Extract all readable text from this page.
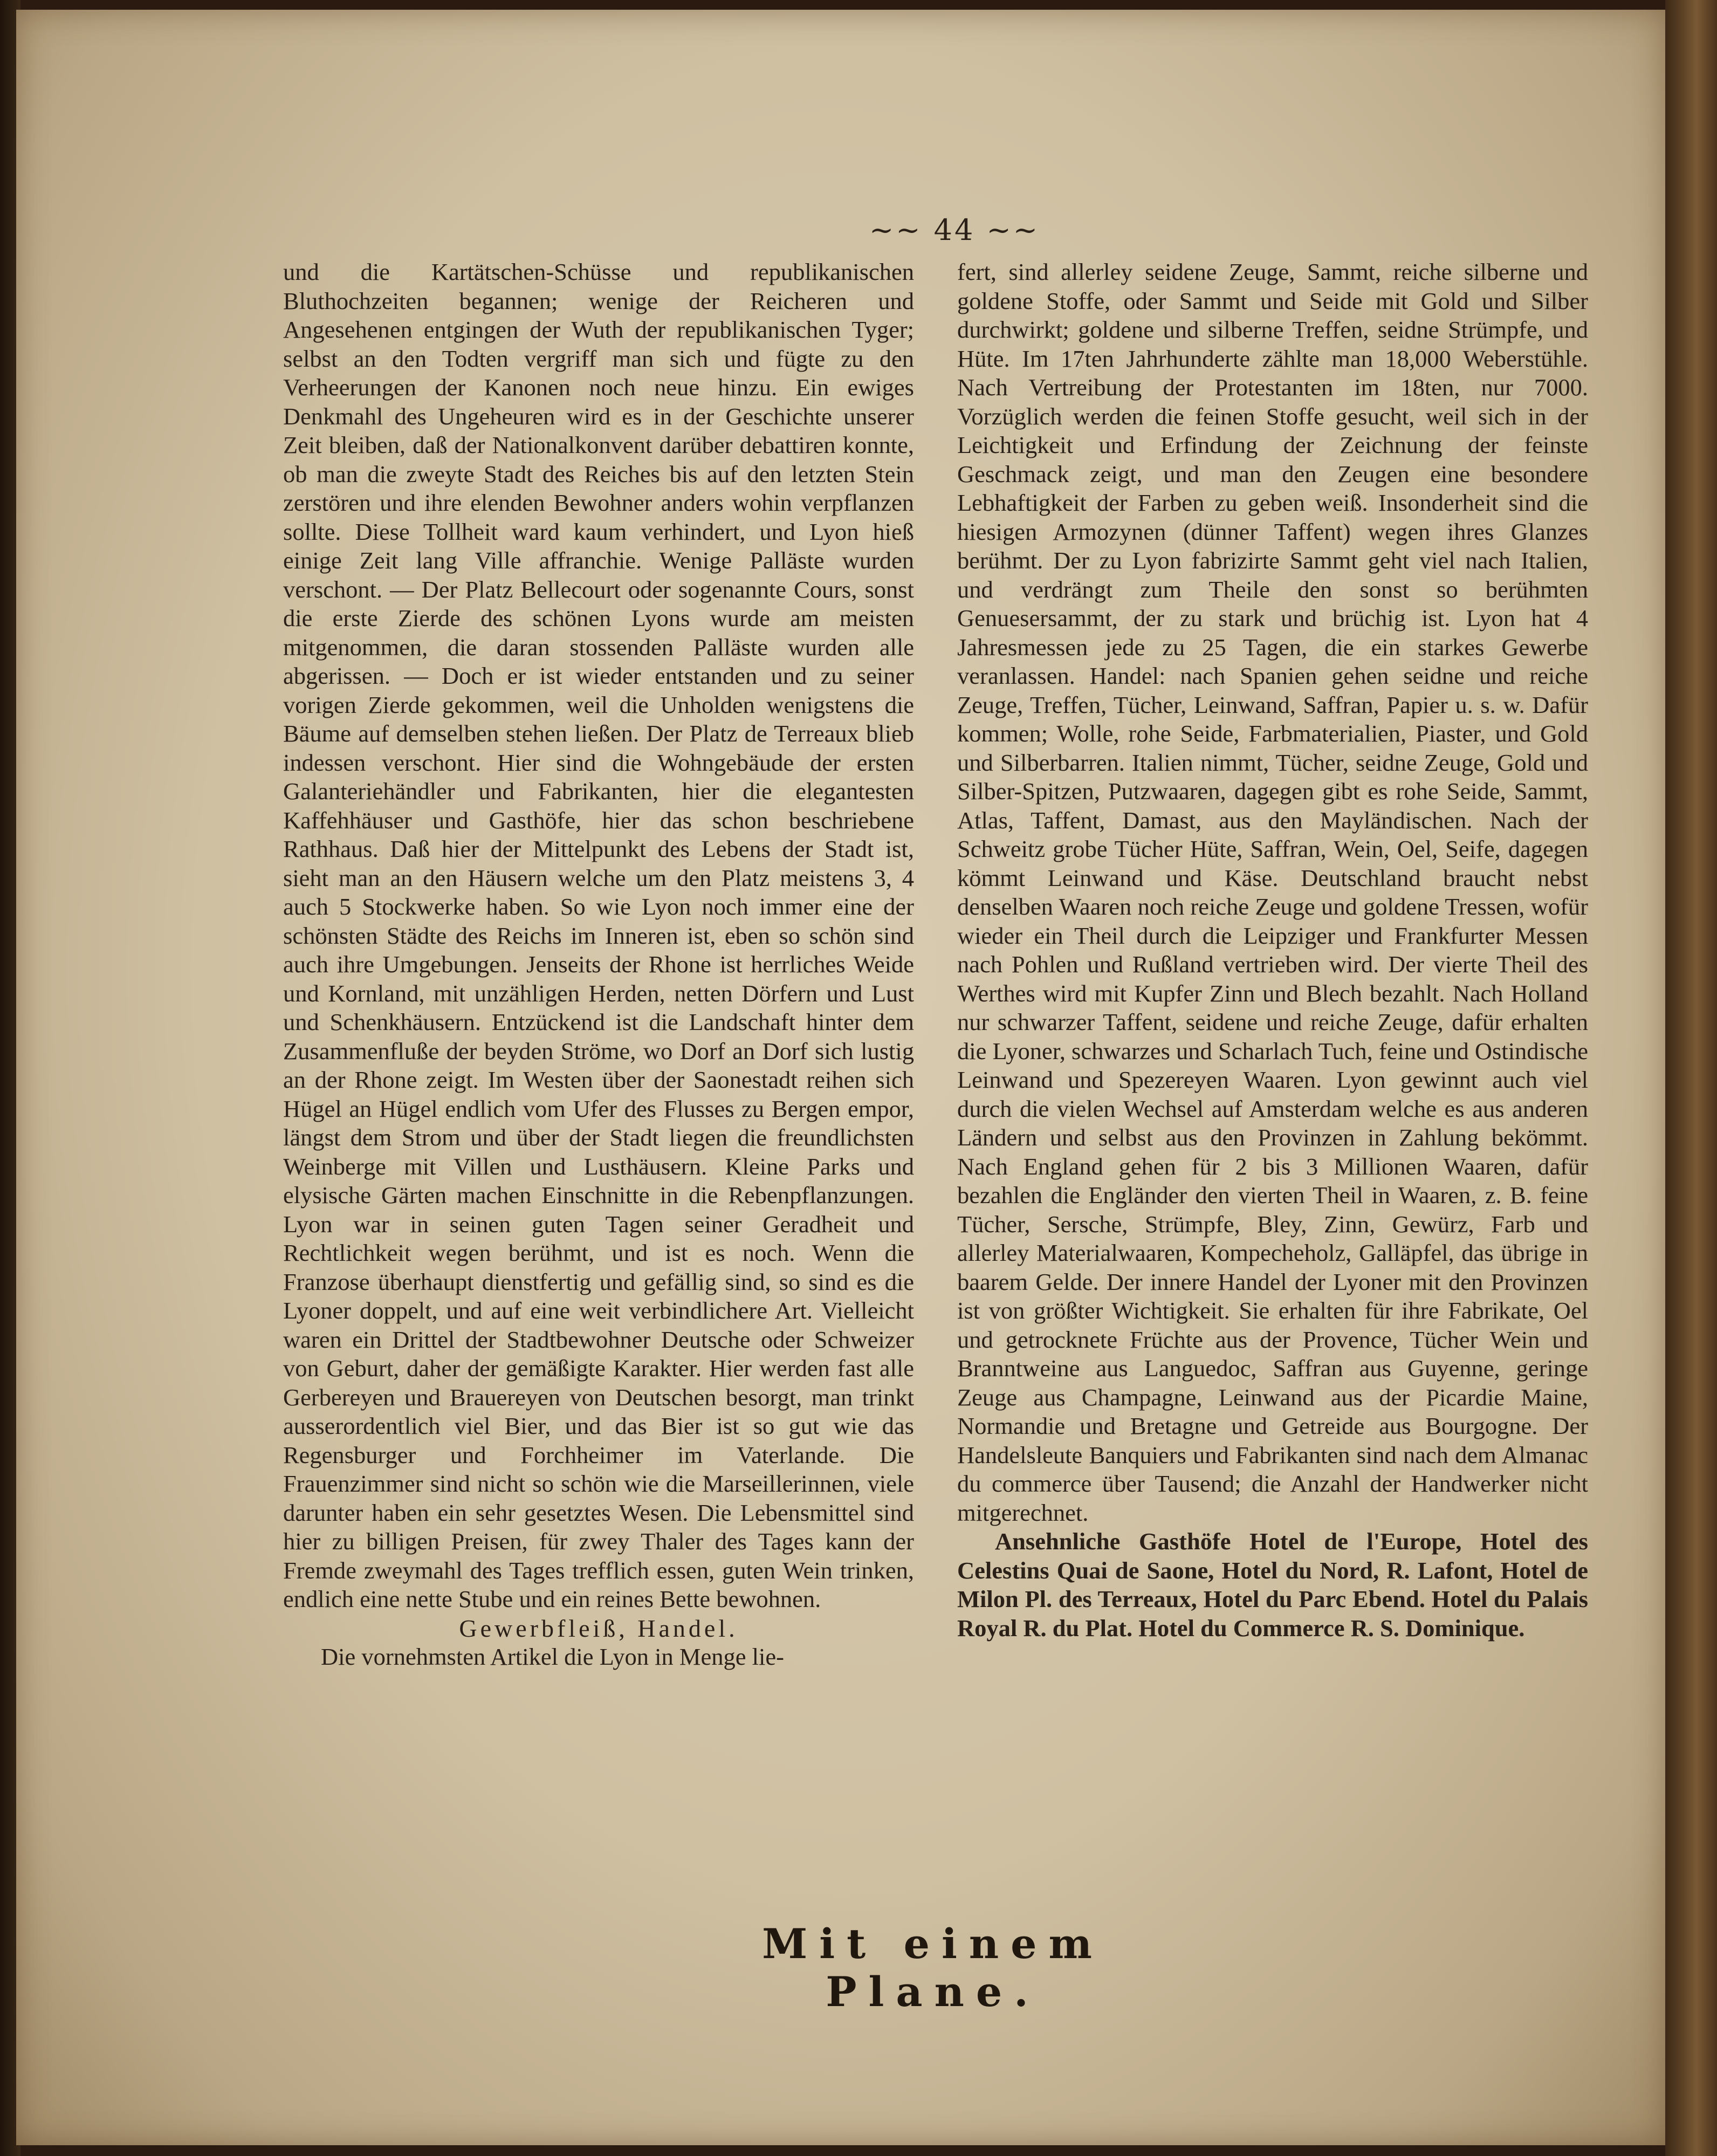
~~ 44 ~~

und die Kartätschen-Schüsse und republikanischen Bluthochzeiten begannen; wenige der Reicheren und Angesehenen entgingen der Wuth der republikanischen Tyger; selbst an den Todten vergriff man sich und fügte zu den Verheerungen der Kanonen noch neue hinzu. Ein ewiges Denkmahl des Ungeheuren wird es in der Geschichte unserer Zeit bleiben, daß der Nationalkonvent darüber debattiren konnte, ob man die zweyte Stadt des Reiches bis auf den letzten Stein zerstören und ihre elenden Bewohner anders wohin verpflanzen sollte. Diese Tollheit ward kaum verhindert, und Lyon hieß einige Zeit lang Ville affranchie. Wenige Palläste wurden verschont. — Der Platz Bellecourt oder sogenannte Cours, sonst die erste Zierde des schönen Lyons wurde am meisten mitgenommen, die daran stossenden Palläste wurden alle abgerissen. — Doch er ist wieder entstanden und zu seiner vorigen Zierde gekommen, weil die Unholden wenigstens die Bäume auf demselben stehen ließen. Der Platz de Terreaux blieb indessen verschont. Hier sind die Wohngebäude der ersten Galanteriehändler und Fabrikanten, hier die elegantesten Kaffehhäuser und Gasthöfe, hier das schon beschriebene Rathhaus. Daß hier der Mittelpunkt des Lebens der Stadt ist, sieht man an den Häusern welche um den Platz meistens 3, 4 auch 5 Stockwerke haben. So wie Lyon noch immer eine der schönsten Städte des Reichs im Inneren ist, eben so schön sind auch ihre Umgebungen. Jenseits der Rhone ist herrliches Weide und Kornland, mit unzähligen Herden, netten Dörfern und Lust und Schenkhäusern. Entzückend ist die Landschaft hinter dem Zusammenfluße der beyden Ströme, wo Dorf an Dorf sich lustig an der Rhone zeigt. Im Westen über der Saonestadt reihen sich Hügel an Hügel endlich vom Ufer des Flusses zu Bergen empor, längst dem Strom und über der Stadt liegen die freundlichsten Weinberge mit Villen und Lusthäusern. Kleine Parks und elysische Gärten machen Einschnitte in die Rebenpflanzungen. Lyon war in seinen guten Tagen seiner Geradheit und Rechtlichkeit wegen berühmt, und ist es noch. Wenn die Franzose überhaupt dienstfertig und gefällig sind, so sind es die Lyoner doppelt, und auf eine weit verbindlichere Art. Vielleicht waren ein Drittel der Stadtbewohner Deutsche oder Schweizer von Geburt, daher der gemäßigte Karakter. Hier werden fast alle Gerbereyen und Brauereyen von Deutschen besorgt, man trinkt ausserordentlich viel Bier, und das Bier ist so gut wie das Regensburger und Forchheimer im Vaterlande. Die Frauenzimmer sind nicht so schön wie die Marseillerinnen, viele darunter haben ein sehr gesetztes Wesen. Die Lebensmittel sind hier zu billigen Preisen, für zwey Thaler des Tages kann der Fremde zweymahl des Tages trefflich essen, guten Wein trinken, endlich eine nette Stube und ein reines Bette bewohnen.

Gewerbfleiß, Handel.

Die vornehmsten Artikel die Lyon in Menge lie-

fert, sind allerley seidene Zeuge, Sammt, reiche silberne und goldene Stoffe, oder Sammt und Seide mit Gold und Silber durchwirkt; goldene und silberne Treffen, seidne Strümpfe, und Hüte. Im 17ten Jahrhunderte zählte man 18,000 Weberstühle. Nach Vertreibung der Protestanten im 18ten, nur 7000. Vorzüglich werden die feinen Stoffe gesucht, weil sich in der Leichtigkeit und Erfindung der Zeichnung der feinste Geschmack zeigt, und man den Zeugen eine besondere Lebhaftigkeit der Farben zu geben weiß. Insonderheit sind die hiesigen Armozynen (dünner Taffent) wegen ihres Glanzes berühmt. Der zu Lyon fabrizirte Sammt geht viel nach Italien, und verdrängt zum Theile den sonst so berühmten Genuesersammt, der zu stark und brüchig ist. Lyon hat 4 Jahresmessen jede zu 25 Tagen, die ein starkes Gewerbe veranlassen. Handel: nach Spanien gehen seidne und reiche Zeuge, Treffen, Tücher, Leinwand, Saffran, Papier u. s. w. Dafür kommen; Wolle, rohe Seide, Farbmaterialien, Piaster, und Gold und Silberbarren. Italien nimmt, Tücher, seidne Zeuge, Gold und Silber-Spitzen, Putzwaaren, dagegen gibt es rohe Seide, Sammt, Atlas, Taffent, Damast, aus den Mayländischen. Nach der Schweitz grobe Tücher Hüte, Saffran, Wein, Oel, Seife, dagegen kömmt Leinwand und Käse. Deutschland braucht nebst denselben Waaren noch reiche Zeuge und goldene Tressen, wofür wieder ein Theil durch die Leipziger und Frankfurter Messen nach Pohlen und Rußland vertrieben wird. Der vierte Theil des Werthes wird mit Kupfer Zinn und Blech bezahlt. Nach Holland nur schwarzer Taffent, seidene und reiche Zeuge, dafür erhalten die Lyoner, schwarzes und Scharlach Tuch, feine und Ostindische Leinwand und Spezereyen Waaren. Lyon gewinnt auch viel durch die vielen Wechsel auf Amsterdam welche es aus anderen Ländern und selbst aus den Provinzen in Zahlung bekömmt. Nach England gehen für 2 bis 3 Millionen Waaren, dafür bezahlen die Engländer den vierten Theil in Waaren, z. B. feine Tücher, Sersche, Strümpfe, Bley, Zinn, Gewürz, Farb und allerley Materialwaaren, Kompecheholz, Galläpfel, das übrige in baarem Gelde. Der innere Handel der Lyoner mit den Provinzen ist von größter Wichtigkeit. Sie erhalten für ihre Fabrikate, Oel und getrocknete Früchte aus der Provence, Tücher Wein und Branntweine aus Languedoc, Saffran aus Guyenne, geringe Zeuge aus Champagne, Leinwand aus der Picardie Maine, Normandie und Bretagne und Getreide aus Bourgogne. Der Handelsleute Banquiers und Fabrikanten sind nach dem Almanac du commerce über Tausend; die Anzahl der Handwerker nicht mitgerechnet.

Ansehnliche Gasthöfe Hotel de l'Europe, Hotel des Celestins Quai de Saone, Hotel du Nord, R. Lafont, Hotel de Milon Pl. des Terreaux, Hotel du Parc Ebend. Hotel du Palais Royal R. du Plat. Hotel du Commerce R. S. Dominique.

Mit einem Plane.
